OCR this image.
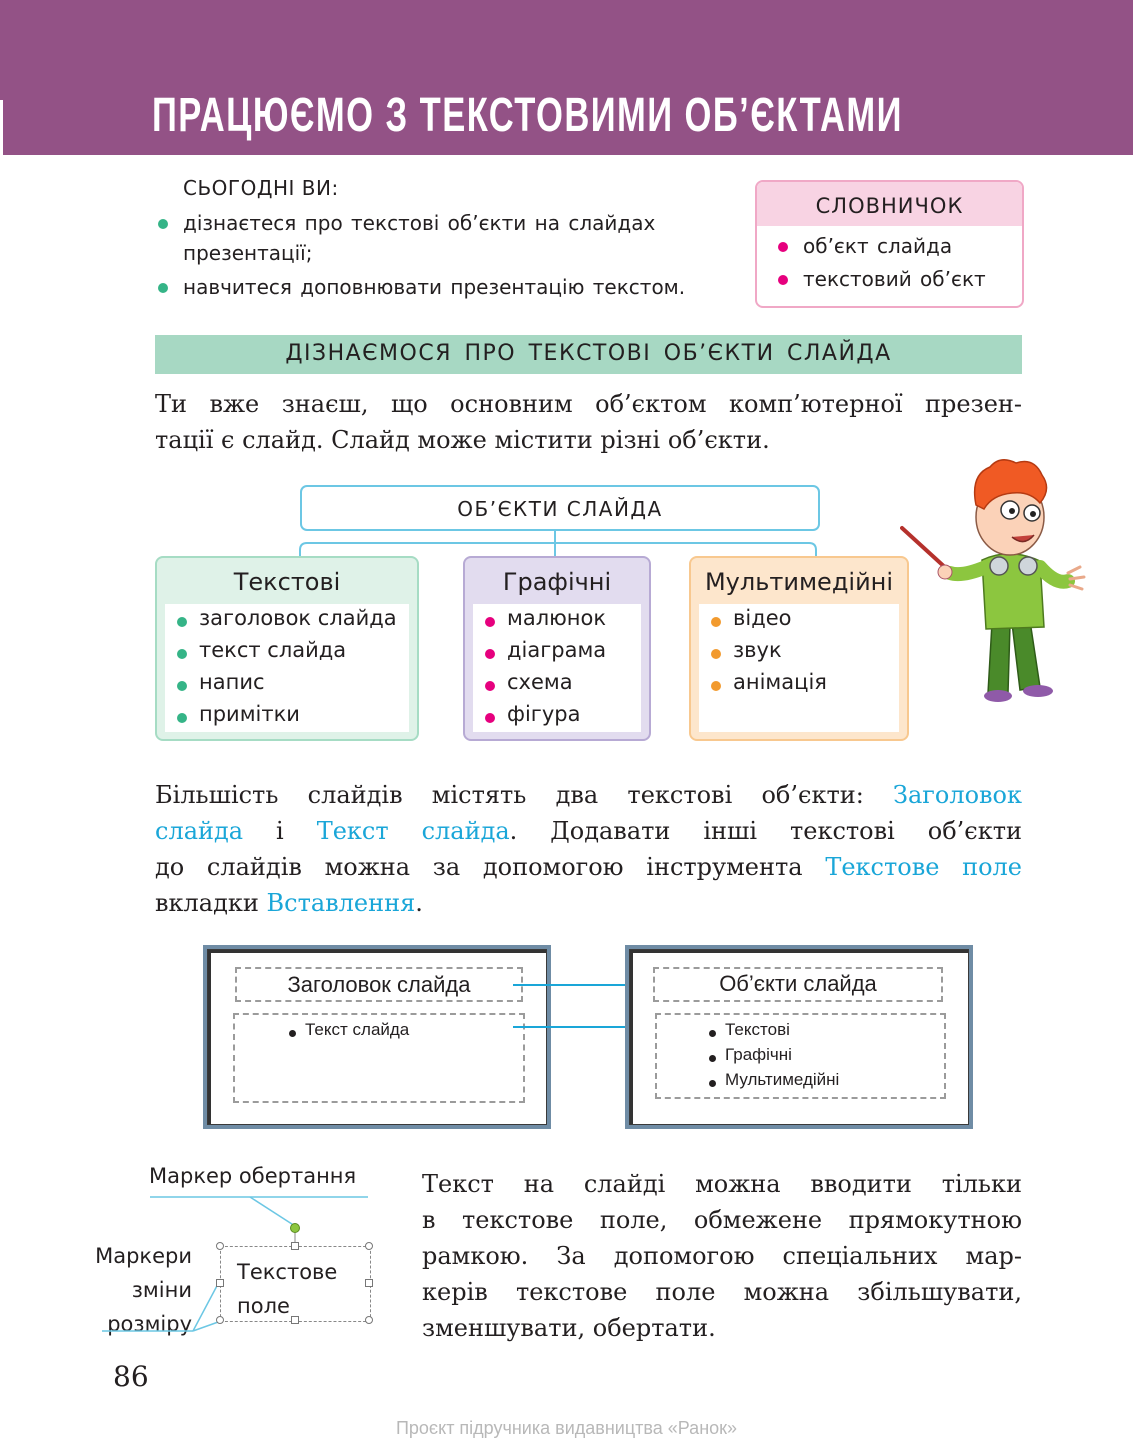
ПРАЦЮЄМО З ТЕКСТОВИМИ ОБ’ЄКТАМИ
СЬОГОДНІ ВИ:
дізнаєтеся про текстові об’єкти на слайдах
презентації;
навчитеся доповнювати презентацію текстом.
СЛОВНИЧОК
об’єкт слайда
текстовий об’єкт
ДІЗНАЄМОСЯ ПРО ТЕКСТОВІ ОБ’ЄКТИ СЛАЙДА
Ти вже знаєш, що основним об’єктом комп’ютерної презен-
тації є слайд. Слайд може містити різні об’єкти.
ОБ’ЄКТИ СЛАЙДА
Текстові
заголовок слайда
текст слайда
напис
примітки
Графічні
малюнок
діаграма
схема
фігура
Мультимедійні
відео
звук
анімація
Більшість слайдів містять два текстові об’єкти: Заголовок
слайда і Текст слайда. Додавати інші текстові об’єкти
до слайдів можна за допомогою інструмента Текстове поле
вкладки Вставлення.
Заголовок слайда
Текст слайда
Об’єкти слайда
Текстові
Графічні
Мультимедійні
Маркер обертання
Маркери
зміни
розміру
Текстове
поле
Текст на слайді можна вводити тільки
в текстове поле, обмежене прямокутною
рамкою. За допомогою спеціальних мар-
керів текстове поле можна збільшувати,
зменшувати, обертати.
86
Проєкт підручника видавництва «Ранок»
